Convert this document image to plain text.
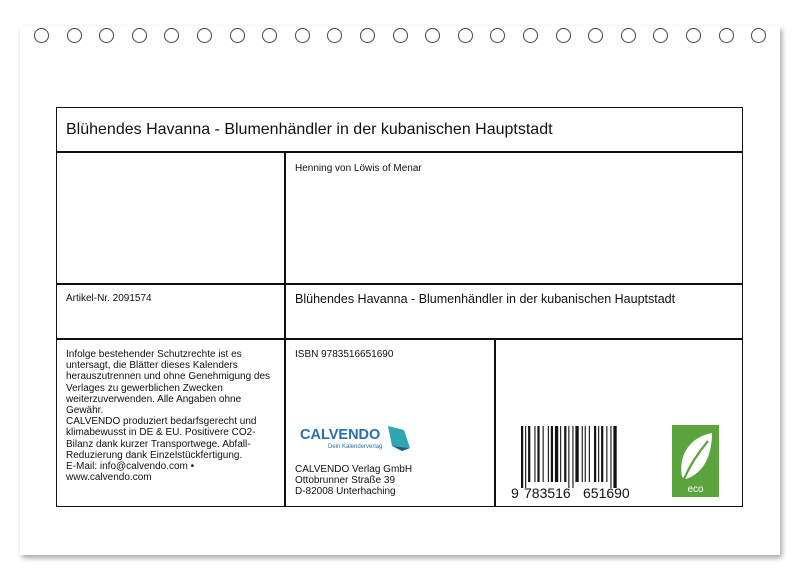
Blühendes Havanna - Blumenhändler in der kubanischen Hauptstadt
Henning von Löwis of Menar
Artikel-Nr. 2091574	Blühendes Havanna - Blumenhändler in der kubanischen Hauptstadt
Infolge bestehender Schutzrechte ist es
untersagt, die Blätter dieses Kalenders
herauszutrennen und ohne Genehmigung des
Verlages zu gewerblichen Zwecken
weiterzuverwenden. Alle Angaben ohne
Gewähr.
CALVENDO produziert bedarfsgerecht und
klimabewusst in DE & EU. Positivere CO2-
Bilanz dank kurzer Transportwege. Abfall-
Reduzierung dank Einzelstückfertigung.
E-Mail: info@calvendo.com •
www.calvendo.com
ISBN 9783516651690
CALVENDO
Dein Kalenderverlag
CALVENDO Verlag GmbH
Ottobrunner Straße 39
D-82008 Unterhaching	9 783516 651690	eco
